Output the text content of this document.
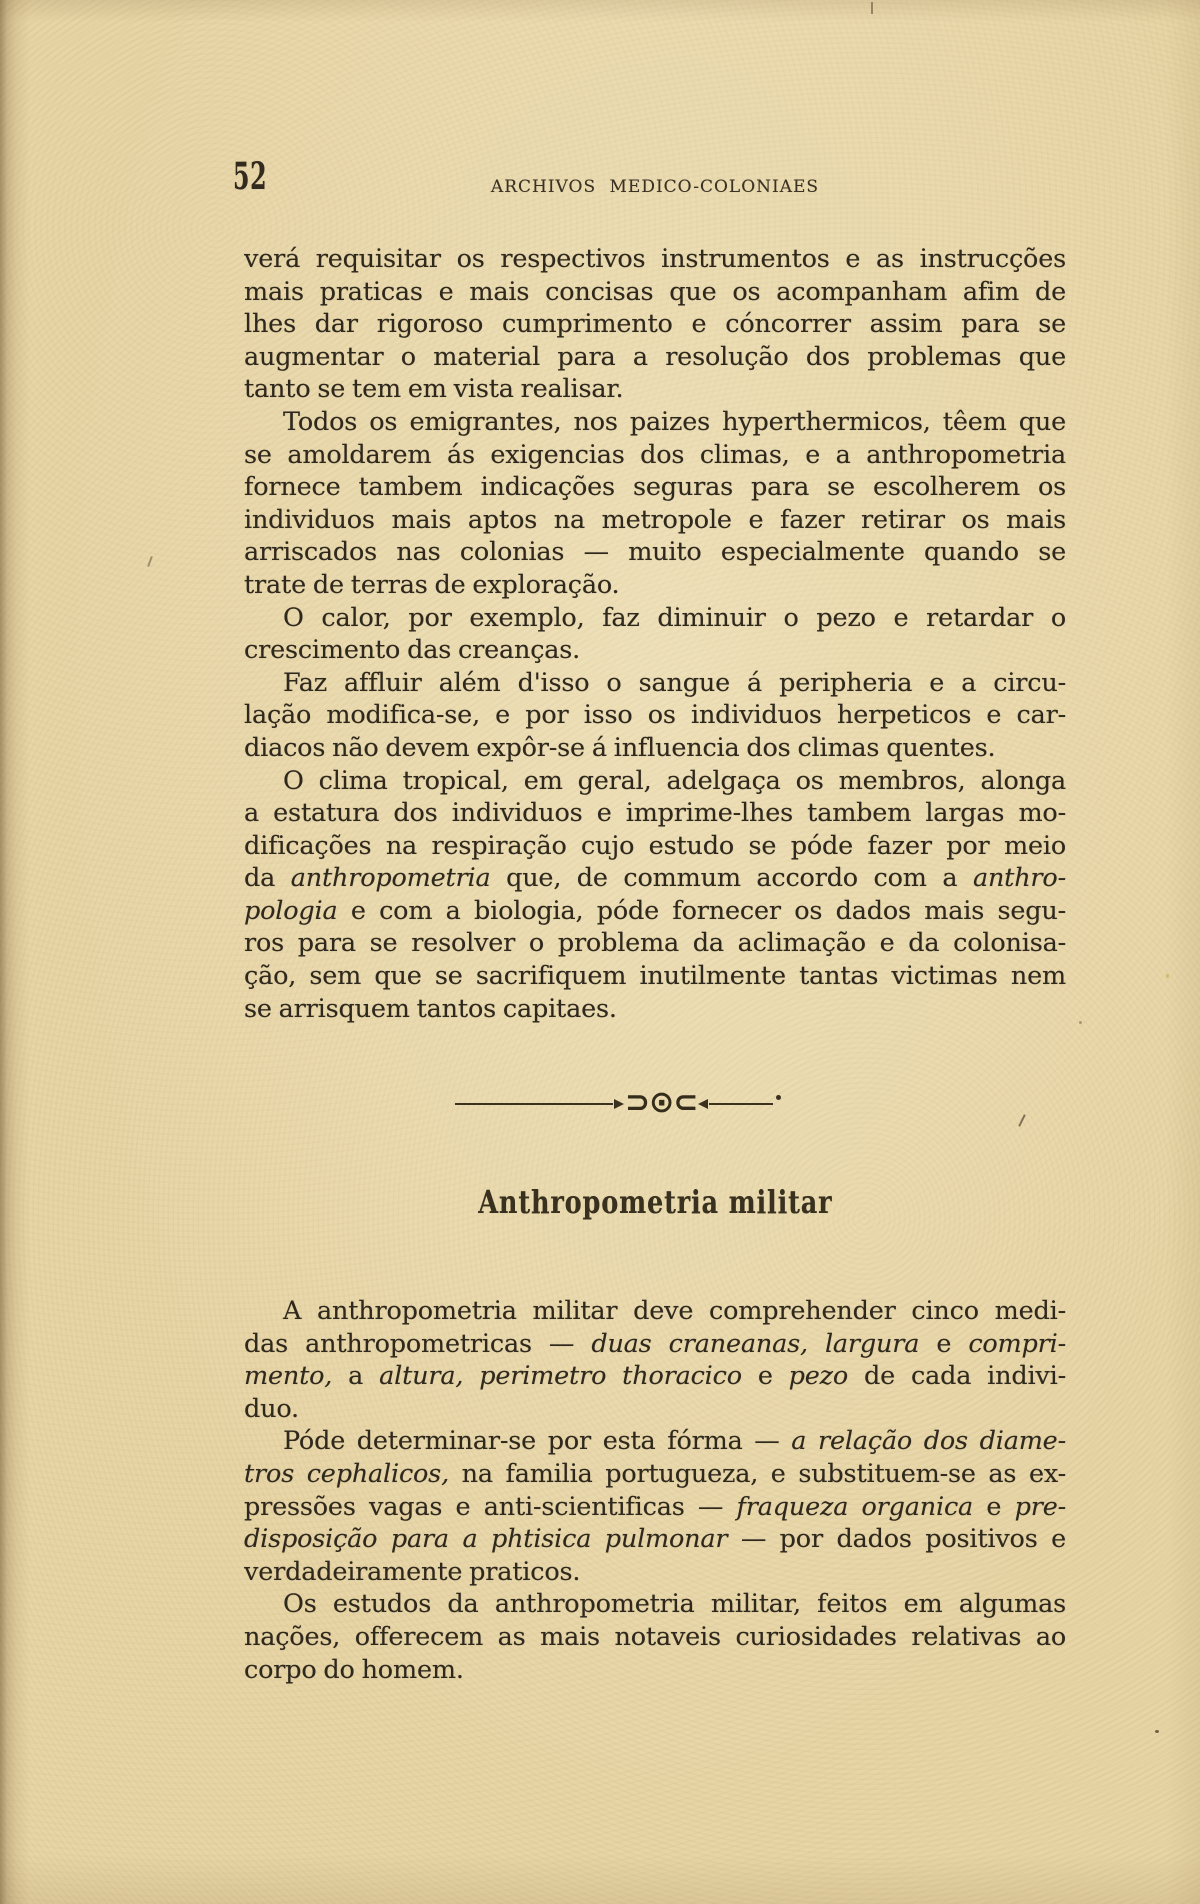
52	ARCHIVOS MEDICO-COLONIAES

verá requisitar os respectivos instrumentos e as instrucções
mais praticas e mais concisas que os acompanham afim de
lhes dar rigoroso cumprimento e cóncorrer assim para se
augmentar o material para a resolução dos problemas que
tanto se tem em vista realisar.

Todos os emigrantes, nos paizes hyperthermicos, têem que
se amoldarem ás exigencias dos climas, e a anthropometria
fornece tambem indicações seguras para se escolherem os
individuos mais aptos na metropole e fazer retirar os mais
arriscados nas colonias — muito especialmente quando se
trate de terras de exploração.

O calor, por exemplo, faz diminuir o pezo e retardar o
crescimento das creanças.

Faz affluir além d'isso o sangue á peripheria e a circu-
lação modifica-se, e por isso os individuos herpeticos e car-
diacos não devem expôr-se á influencia dos climas quentes.

O clima tropical, em geral, adelgaça os membros, alonga
a estatura dos individuos e imprime-lhes tambem largas mo-
dificações na respiração cujo estudo se póde fazer por meio
da anthropometria que, de commum accordo com a anthro-
pologia e com a biologia, póde fornecer os dados mais segu-
ros para se resolver o problema da aclimação e da colonisa-
ção, sem que se sacrifiquem inutilmente tantas victimas nem
se arrisquem tantos capitaes.

⊃ ⊙ ⊂
Anthropometria militar

A anthropometria militar deve comprehender cinco medi-
das anthropometricas — duas craneanas, largura e compri-
mento, a altura, perimetro thoracico e pezo de cada indivi-
duo.

Póde determinar-se por esta fórma — a relação dos diame-
tros cephalicos, na familia portugueza, e substituem-se as ex-
pressões vagas e anti-scientificas — fraqueza organica e pre-
disposição para a phtisica pulmonar — por dados positivos e
verdadeiramente praticos.

Os estudos da anthropometria militar, feitos em algumas
nações, offerecem as mais notaveis curiosidades relativas ao
corpo do homem.
